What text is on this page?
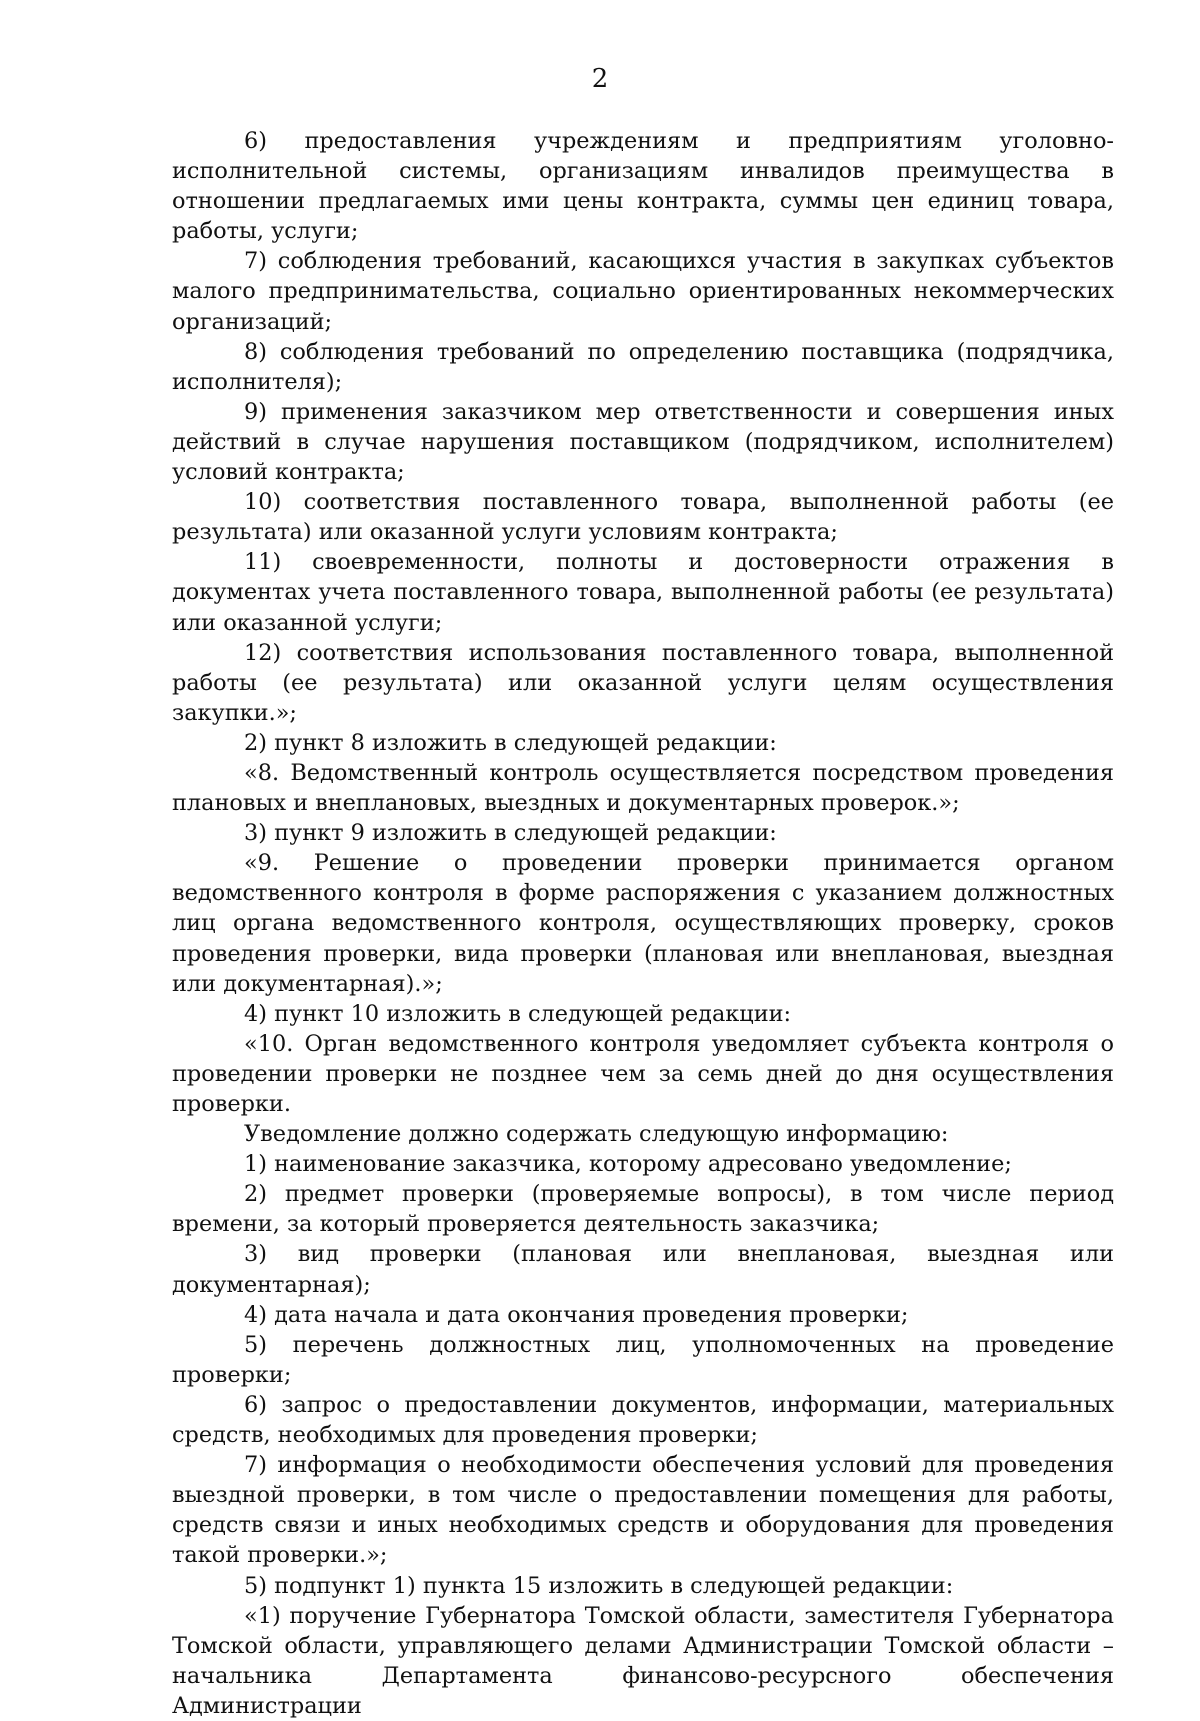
2

6) предоставления учреждениям и предприятиям уголовно-исполнительной системы, организациям инвалидов преимущества в отношении предлагаемых ими цены контракта, суммы цен единиц товара, работы, услуги;

7) соблюдения требований, касающихся участия в закупках субъектов малого предпринимательства, социально ориентированных некоммерческих организаций;

8) соблюдения требований по определению поставщика (подрядчика, исполнителя);

9) применения заказчиком мер ответственности и совершения иных действий в случае нарушения поставщиком (подрядчиком, исполнителем) условий контракта;

10) соответствия поставленного товара, выполненной работы (ее результата) или оказанной услуги условиям контракта;

11) своевременности, полноты и достоверности отражения в документах учета поставленного товара, выполненной работы (ее результата) или оказанной услуги;

12) соответствия использования поставленного товара, выполненной работы (ее результата) или оказанной услуги целям осуществления закупки.»;

2) пункт 8 изложить в следующей редакции:

«8. Ведомственный контроль осуществляется посредством проведения плановых и внеплановых, выездных и документарных проверок.»;

3) пункт 9 изложить в следующей редакции:

«9. Решение о проведении проверки принимается органом ведомственного контроля в форме распоряжения с указанием должностных лиц органа ведомственного контроля, осуществляющих проверку, сроков проведения проверки, вида проверки (плановая или внеплановая, выездная или документарная).»;

4) пункт 10 изложить в следующей редакции:

«10. Орган ведомственного контроля уведомляет субъекта контроля о проведении проверки не позднее чем за семь дней до дня осуществления проверки.

Уведомление должно содержать следующую информацию:

1) наименование заказчика, которому адресовано уведомление;

2) предмет проверки (проверяемые вопросы), в том числе период времени, за который проверяется деятельность заказчика;

3) вид проверки (плановая или внеплановая, выездная или документарная);

4) дата начала и дата окончания проведения проверки;

5) перечень должностных лиц, уполномоченных на проведение проверки;

6) запрос о предоставлении документов, информации, материальных средств, необходимых для проведения проверки;

7) информация о необходимости обеспечения условий для проведения выездной проверки, в том числе о предоставлении помещения для работы, средств связи и иных необходимых средств и оборудования для проведения такой проверки.»;

5) подпункт 1) пункта 15 изложить в следующей редакции:

«1) поручение Губернатора Томской области, заместителя Губернатора Томской области, управляющего делами Администрации Томской области – начальника Департамента финансово-ресурсного обеспечения Администрации
